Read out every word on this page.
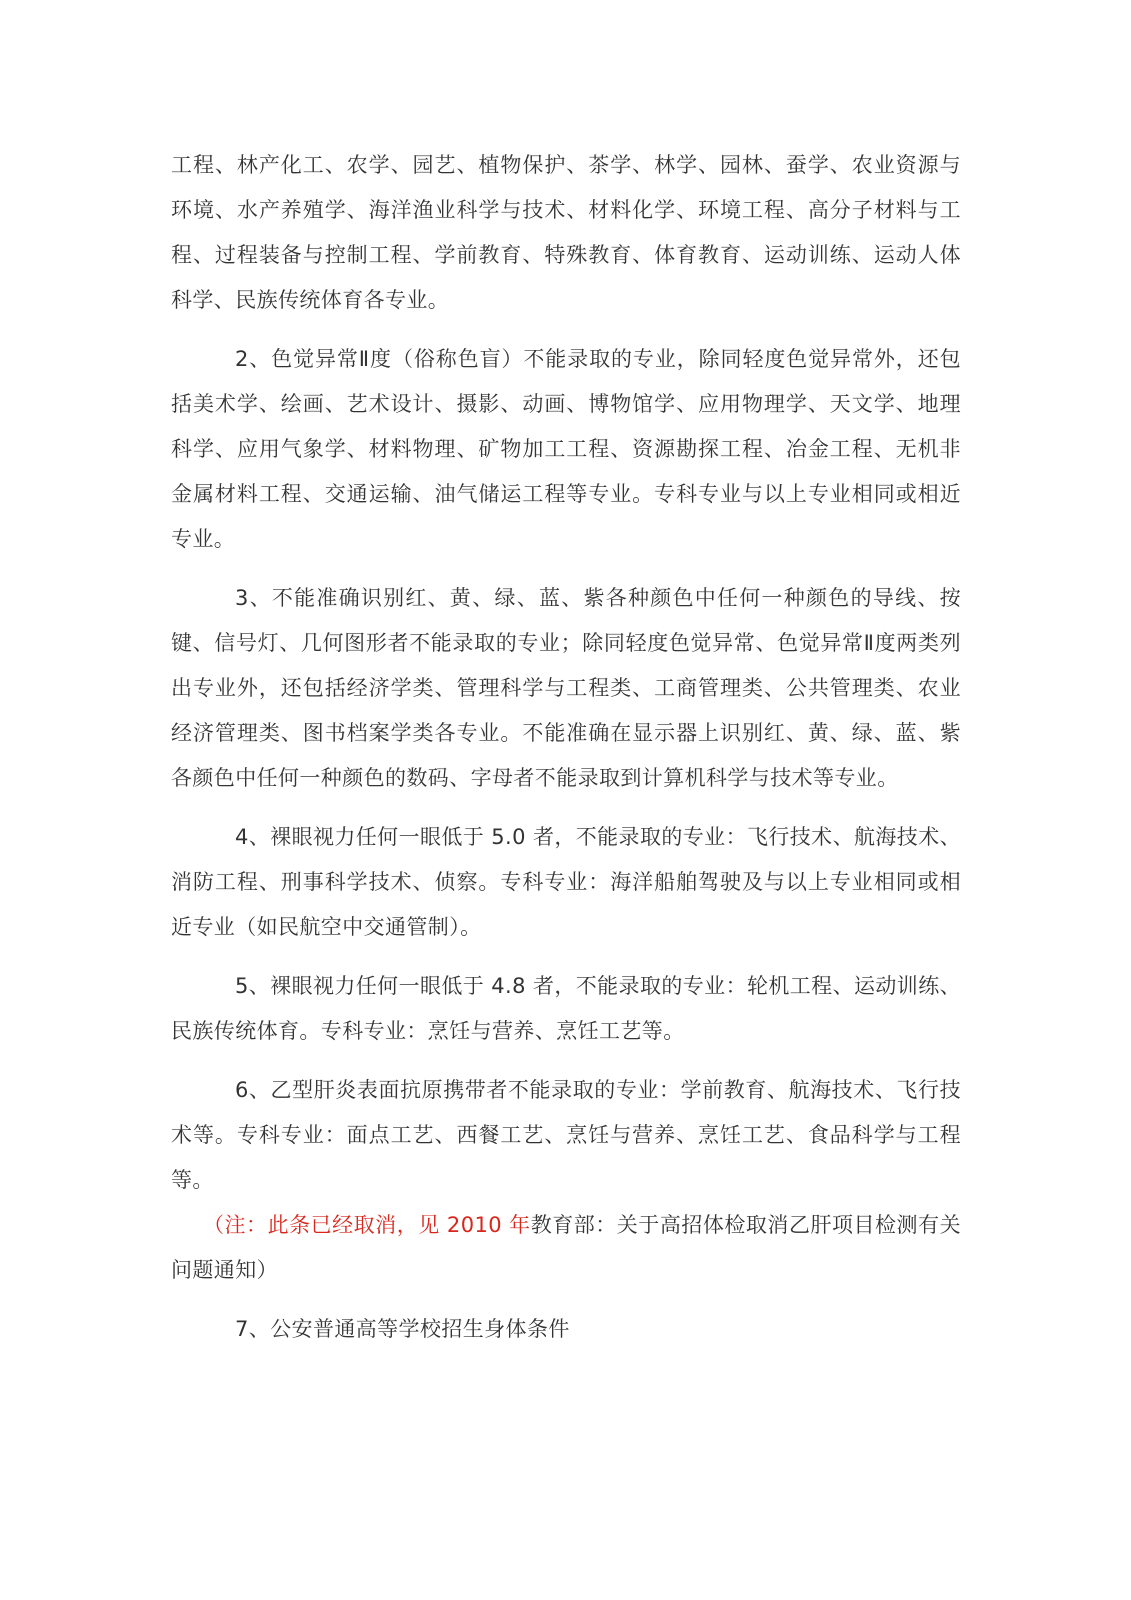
工程、林产化工、农学、园艺、植物保护、茶学、林学、园林、蚕学、农业资源与环境、水产养殖学、海洋渔业科学与技术、材料化学、环境工程、高分子材料与工程、过程装备与控制工程、学前教育、特殊教育、体育教育、运动训练、运动人体科学、民族传统体育各专业。

2、色觉异常Ⅱ度（俗称色盲）不能录取的专业，除同轻度色觉异常外，还包括美术学、绘画、艺术设计、摄影、动画、博物馆学、应用物理学、天文学、地理科学、应用气象学、材料物理、矿物加工工程、资源勘探工程、冶金工程、无机非金属材料工程、交通运输、油气储运工程等专业。专科专业与以上专业相同或相近专业。

3、不能准确识别红、黄、绿、蓝、紫各种颜色中任何一种颜色的导线、按键、信号灯、几何图形者不能录取的专业；除同轻度色觉异常、色觉异常Ⅱ度两类列出专业外，还包括经济学类、管理科学与工程类、工商管理类、公共管理类、农业经济管理类、图书档案学类各专业。不能准确在显示器上识别红、黄、绿、蓝、紫各颜色中任何一种颜色的数码、字母者不能录取到计算机科学与技术等专业。

4、裸眼视力任何一眼低于 5.0 者，不能录取的专业：飞行技术、航海技术、消防工程、刑事科学技术、侦察。专科专业：海洋船舶驾驶及与以上专业相同或相近专业（如民航空中交通管制）。

5、裸眼视力任何一眼低于 4.8 者，不能录取的专业：轮机工程、运动训练、民族传统体育。专科专业：烹饪与营养、烹饪工艺等。

6、乙型肝炎表面抗原携带者不能录取的专业：学前教育、航海技术、飞行技术等。专科专业：面点工艺、西餐工艺、烹饪与营养、烹饪工艺、食品科学与工程等。

（注：此条已经取消，见 2010 年教育部：关于高招体检取消乙肝项目检测有关问题通知）

7、公安普通高等学校招生身体条件
